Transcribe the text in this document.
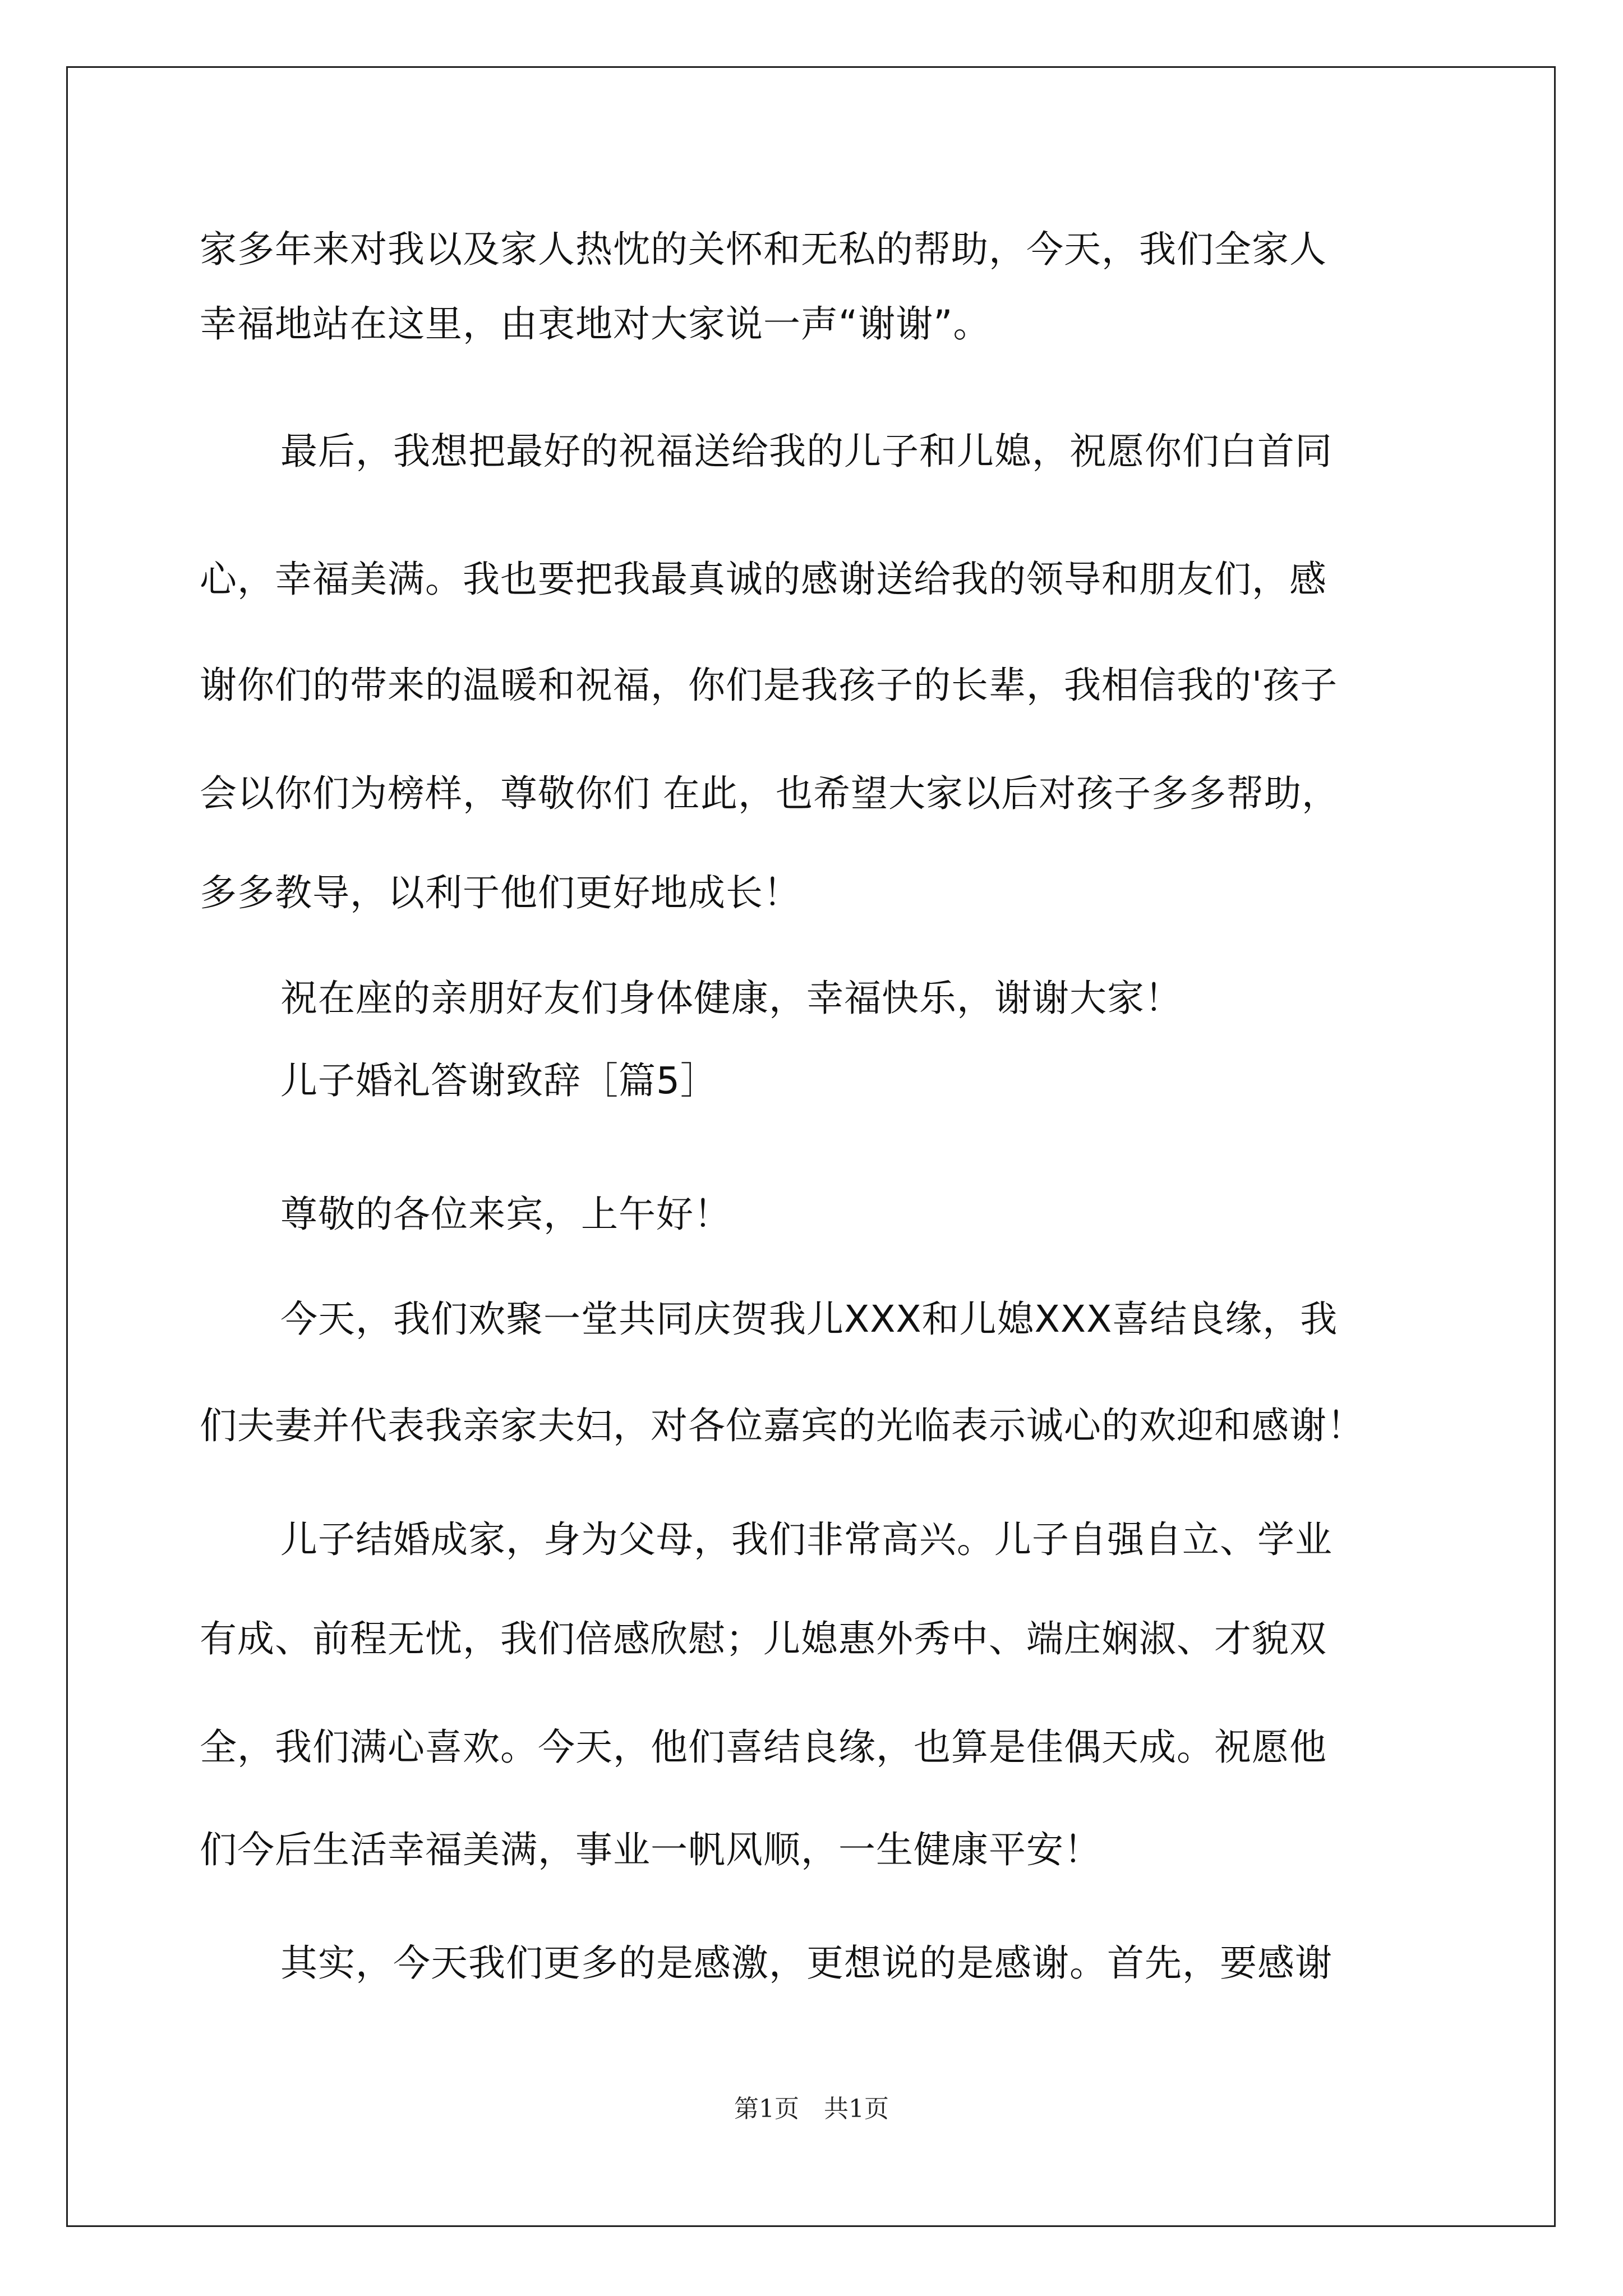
家多年来对我以及家人热忱的关怀和无私的帮助，今天，我们全家人
幸福地站在这里，由衷地对大家说一声“谢谢”。
最后，我想把最好的祝福送给我的儿子和儿媳，祝愿你们白首同
心，幸福美满。我也要把我最真诚的感谢送给我的领导和朋友们，感
谢你们的带来的温暖和祝福，你们是我孩子的长辈，我相信我的'孩子
会以你们为榜样，尊敬你们 在此，也希望大家以后对孩子多多帮助，
多多教导，以利于他们更好地成长！
祝在座的亲朋好友们身体健康，幸福快乐，谢谢大家！
儿子婚礼答谢致辞［篇5］
尊敬的各位来宾，上午好！
今天，我们欢聚一堂共同庆贺我儿XXX和儿媳XXX喜结良缘，我
们夫妻并代表我亲家夫妇，对各位嘉宾的光临表示诚心的欢迎和感谢！
儿子结婚成家，身为父母，我们非常高兴。儿子自强自立、学业
有成、前程无忧，我们倍感欣慰；儿媳惠外秀中、端庄娴淑、才貌双
全，我们满心喜欢。今天，他们喜结良缘，也算是佳偶天成。祝愿他
们今后生活幸福美满，事业一帆风顺，一生健康平安！
其实，今天我们更多的是感激，更想说的是感谢。首先，要感谢
第1页　共1页
